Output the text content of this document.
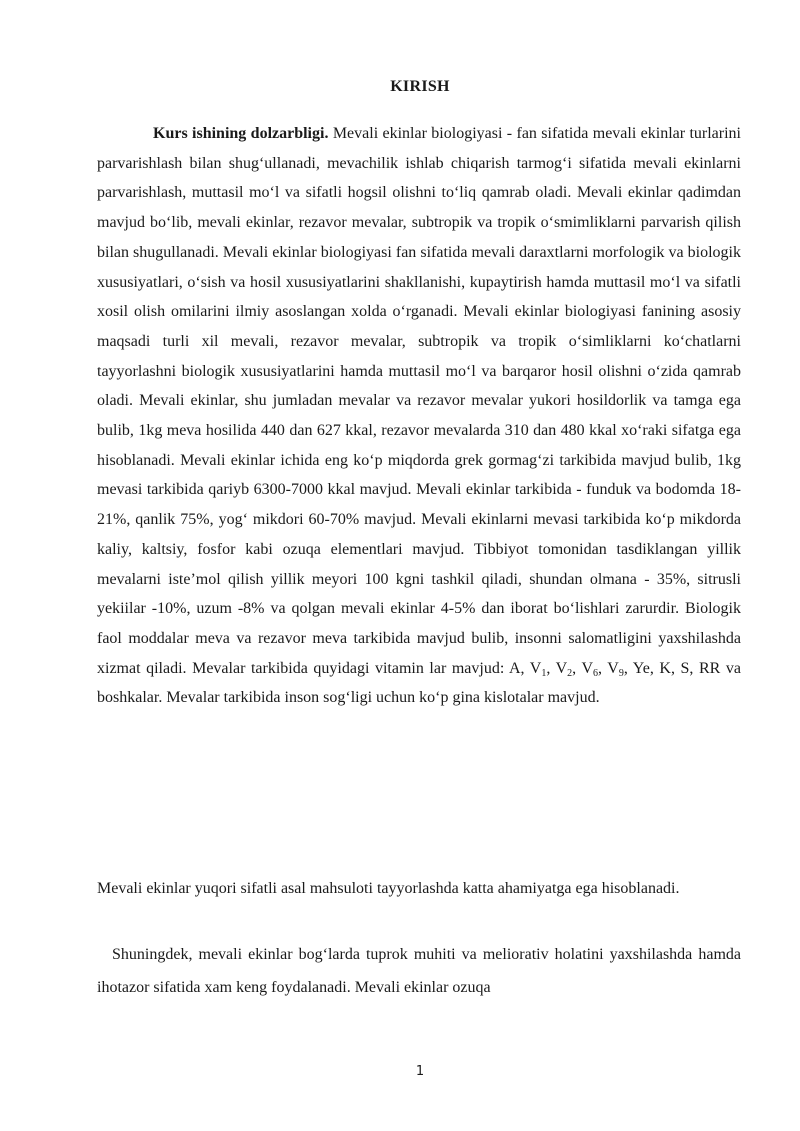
KIRISH

Kurs ishining dolzarbligi. Mevali ekinlar biologiyasi - fan sifatida mevali ekinlar turlarini parvarishlash bilan shug‘ullanadi, mevachilik ishlab chiqarish tarmog‘i sifatida mevali ekinlarni parvarishlash, muttasil mo‘l va sifatli hogsil olishni to‘liq qamrab oladi. Mevali ekinlar qadimdan mavjud bo‘lib, mevali ekinlar, rezavor mevalar, subtropik va tropik o‘smimliklarni parvarish qilish bilan shugullanadi. Mevali ekinlar biologiyasi fan sifatida mevali daraxtlarni morfologik va biologik xususiyatlari, o‘sish va hosil xususiyatlarini shakllanishi, kupaytirish hamda muttasil mo‘l va sifatli xosil olish omilarini ilmiy asoslangan xolda o‘rganadi. Mevali ekinlar biologiyasi fanining asosiy maqsadi turli xil mevali, rezavor mevalar, subtropik va tropik o‘simliklarni ko‘chatlarni tayyorlashni biologik xususiyatlarini hamda muttasil mo‘l va barqaror hosil olishni o‘zida qamrab oladi. Mevali ekinlar, shu jumladan mevalar va rezavor mevalar yukori hosildorlik va tamga ega bulib, 1kg meva hosilida 440 dan 627 kkal, rezavor mevalarda 310 dan 480 kkal xo‘raki sifatga ega hisoblanadi. Mevali ekinlar ichida eng ko‘p miqdorda grek gormag‘zi tarkibida mavjud bulib, 1kg mevasi tarkibida qariyb 6300-7000 kkal mavjud. Mevali ekinlar tarkibida - funduk va bodomda 18-21%, qanlik 75%, yog‘ mikdori 60-70% mavjud. Mevali ekinlarni mevasi tarkibida ko‘p mikdorda kaliy, kaltsiy, fosfor kabi ozuqa elementlari mavjud. Tibbiyot tomonidan tasdiklangan yillik mevalarni iste’mol qilish yillik meyori 100 kgni tashkil qiladi, shundan olmana - 35%, sitrusli yekiilar -10%, uzum -8% va qolgan mevali ekinlar 4-5% dan iborat bo‘lishlari zarurdir. Biologik faol moddalar meva va rezavor meva tarkibida mavjud bulib, insonni salomatligini yaxshilashda xizmat qiladi. Mevalar tarkibida quyidagi vitamin lar mavjud: A, $V_1$, $V_2$, $V_6$, $V_9$, Ye, K, S, RR va boshkalar. Mevalar tarkibida inson sog‘ligi uchun ko‘p gina kislotalar mavjud.

Mevali ekinlar yuqori sifatli asal mahsuloti tayyorlashda katta ahamiyatga ega hisoblanadi.

Shuningdek, mevali ekinlar bog‘larda tuprok muhiti va meliorativ holatini yaxshilashda hamda ihotazor sifatida xam keng foydalanadi. Mevali ekinlar ozuqa

1
